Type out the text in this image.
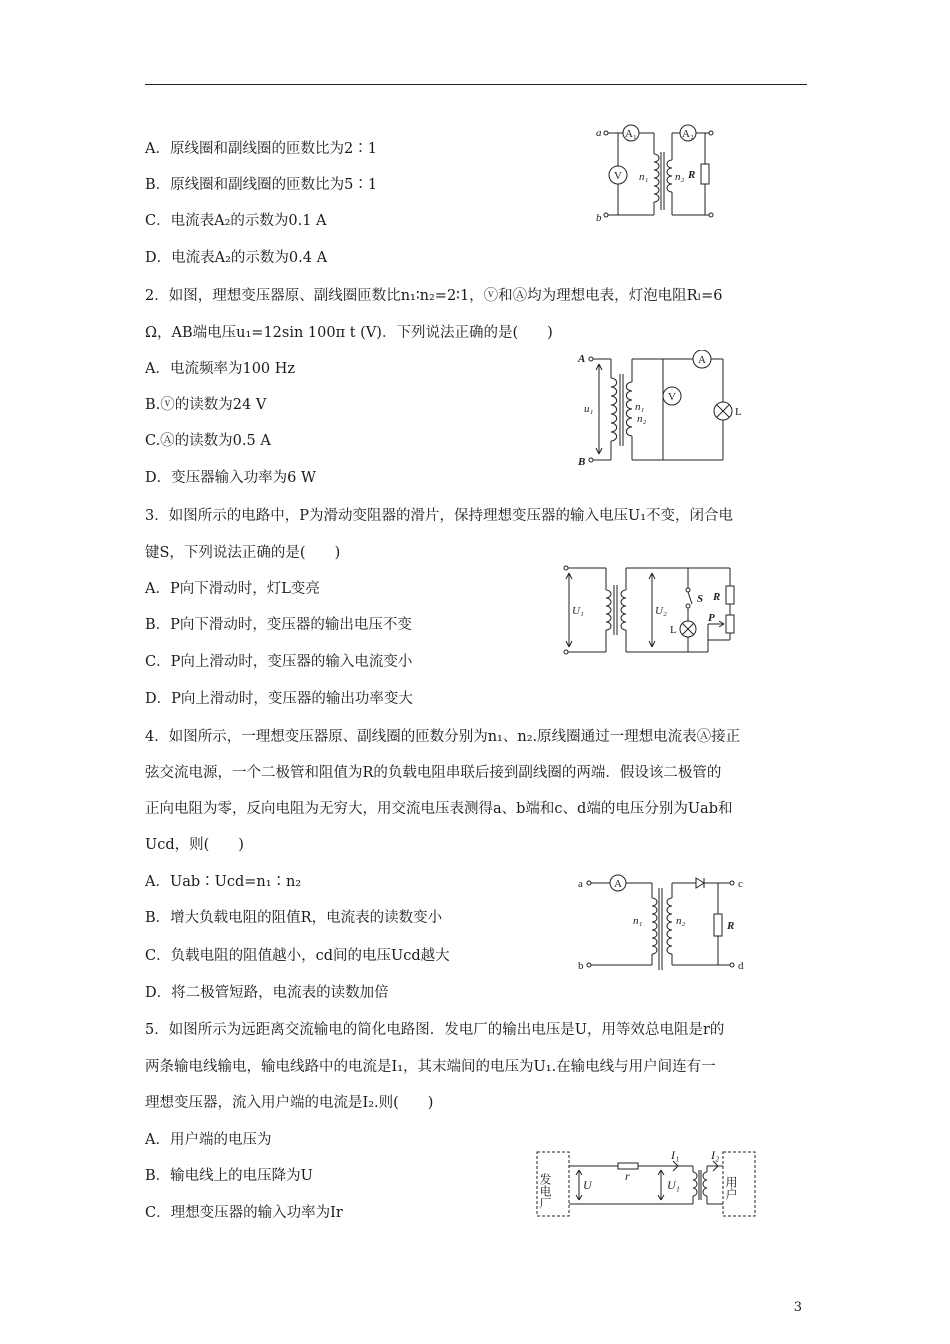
A．原线圈和副线圈的匝数比为2∶1
B．原线圈和副线圈的匝数比为5∶1
C．电流表A₂的示数为0.1 A
D．电流表A₂的示数为0.4 A
2．如图，理想变压器原、副线圈匝数比n₁∶n₂=2∶1，ⓥ和Ⓐ均为理想电表，灯泡电阻Rₗ=6
Ω，AB端电压u₁=12sin 100π t (V)．下列说法正确的是(　　)
A．电流频率为100 Hz
B.ⓥ的读数为24 V
C.Ⓐ的读数为0.5 A
D．变压器输入功率为6 W
3．如图所示的电路中，P为滑动变阻器的滑片，保持理想变压器的输入电压U₁不变，闭合电
键S，下列说法正确的是(　　)
A．P向下滑动时，灯L变亮
B．P向下滑动时，变压器的输出电压不变
C．P向上滑动时，变压器的输入电流变小
D．P向上滑动时，变压器的输出功率变大
4．如图所示，一理想变压器原、副线圈的匝数分别为n₁、n₂.原线圈通过一理想电流表Ⓐ接正
弦交流电源，一个二极管和阻值为R的负载电阻串联后接到副线圈的两端．假设该二极管的
正向电阻为零，反向电阻为无穷大，用交流电压表测得a、b端和c、d端的电压分别为Uab和
Ucd，则(　　)
A．Uab∶Ucd=n₁∶n₂
B．增大负载电阻的阻值R，电流表的读数变小
C．负载电阻的阻值越小，cd间的电压Ucd越大
D．将二极管短路，电流表的读数加倍
5．如图所示为远距离交流输电的简化电路图．发电厂的输出电压是U，用等效总电阻是r的
两条输电线输电，输电线路中的电流是I₁，其末端间的电压为U₁.在输电线与用户间连有一
理想变压器，流入用户端的电流是I₂.则(　　)
A．用户端的电压为
B．输电线上的电压降为U
C．理想变压器的输入功率为Ir
a
b
A₁	A₂
V n₁ n₂ R
A
B
u₁	n₁
n₂
V
A
L
U₁	U₂
S R
L
P
a
b
c
d
A
n₁	n₂	R
发电厂	用户
U
r
I₁
U₁
I₂
3
